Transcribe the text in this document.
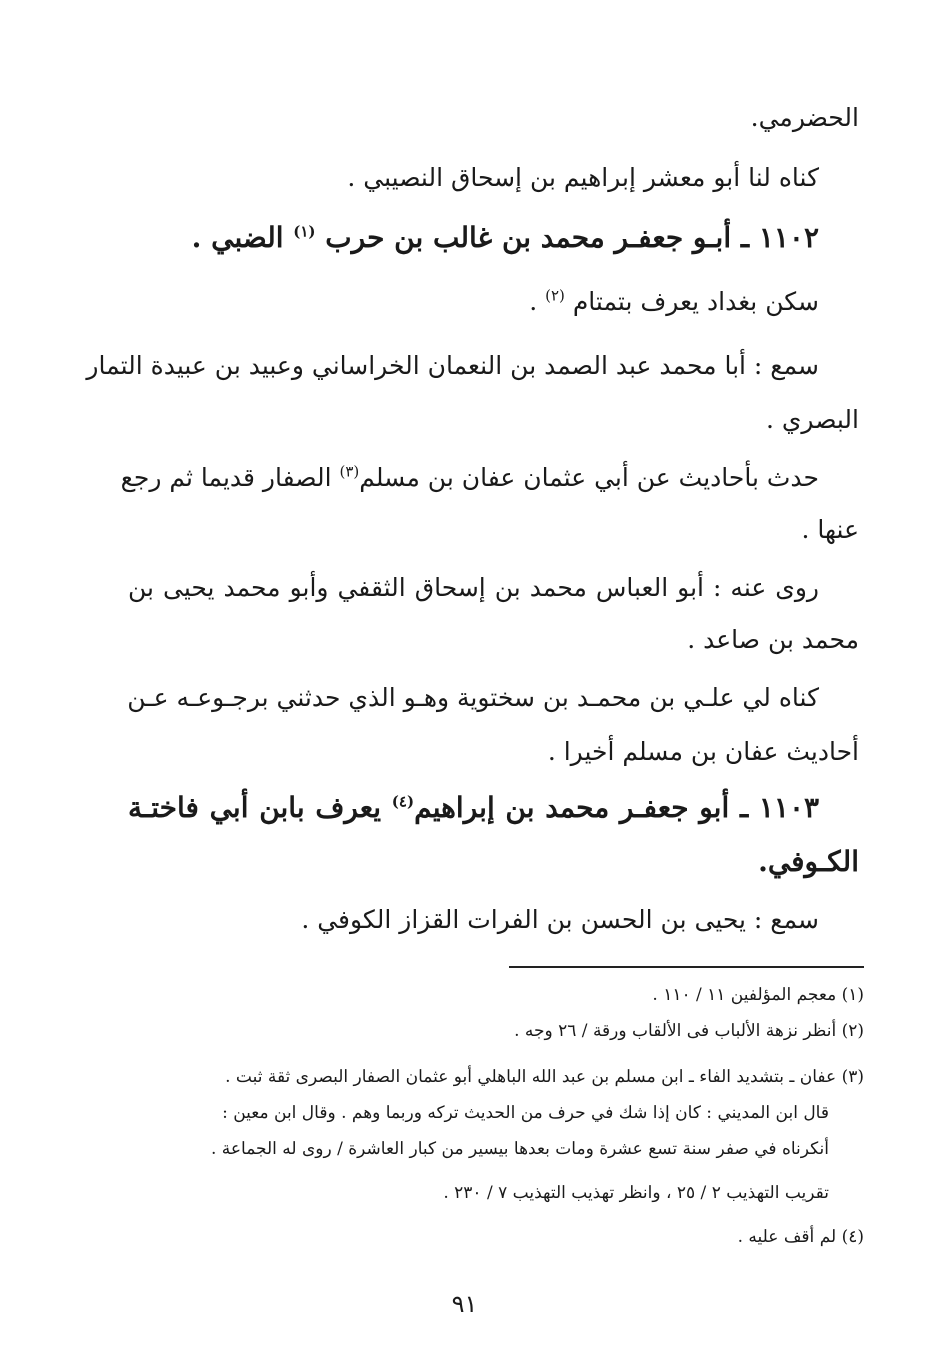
الحضرمي.
كناه لنا أبو معشر إبراهيم بن إسحاق النصيبي .
١١٠٢ ـ أبـو جعفـر محمد بن غالب بن حرب $^{(١)}$ الضبي .
سكن بغداد يعرف بتمتام $^{(٢)}$ .
سمع : أبا محمد عبد الصمد بن النعمان الخراساني وعبيد بن عبيدة التمار
البصري .
حدث بأحاديث عن أبي عثمان عفان بن مسلم$^{(٣)}$ الصفار قديما ثم رجع
عنها .
روى عنه : أبو العباس محمد بن إسحاق الثقفي وأبو محمد يحيى بن
محمد بن صاعد .
كناه لي علـي بن محمـد بن سختوية وهـو الذي حدثني برجـوعـه عـن
أحاديث عفان بن مسلم أخيرا .
١١٠٣ ـ أبو جعفـر محمد بن إبراهيم$^{(٤)}$ يعرف بابن أبي فاختـة
الكـوفي.
سمع : يحيى بن الحسن بن الفرات القزاز الكوفي .
(١) معجم المؤلفين ١١ / ١١٠ .
(٢) أنظر نزهة الألباب فى الألقاب ورقة / ٢٦ وجه .
(٣) عفان ـ بتشديد الفاء ـ ابن مسلم بن عبد الله الباهلي أبو عثمان الصفار البصرى ثقة ثبت .
قال ابن المديني : كان إذا شك في حرف من الحديث تركه وربما وهم . وقال ابن معين :
أنكرناه في صفر سنة تسع عشرة ومات بعدها بيسير من كبار العاشرة / روى له الجماعة .
تقريب التهذيب ٢ / ٢٥ ، وانظر تهذيب التهذيب ٧ / ٢٣٠ .
(٤) لم أقف عليه .
٩١
